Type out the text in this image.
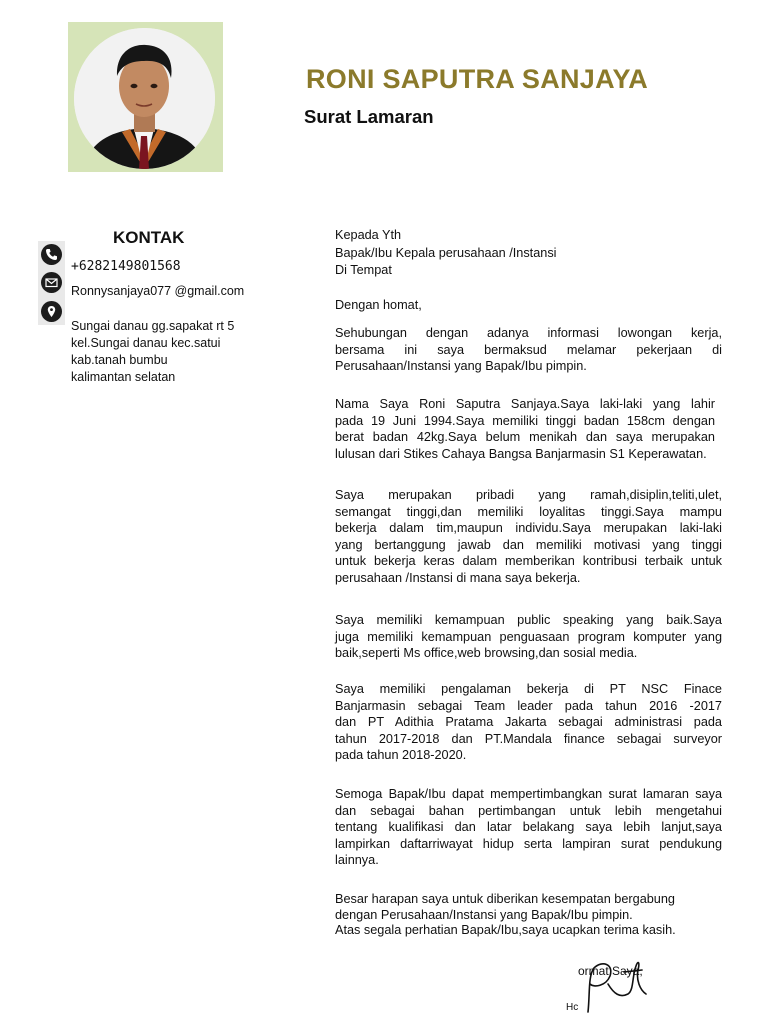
RONI SAPUTRA SANJAYA
Surat Lamaran
KONTAK
+6282149801568
Ronnysanjaya077 @gmail.com
Sungai danau gg.sapakat rt 5
kel.Sungai danau kec.satui
kab.tanah bumbu
kalimantan selatan
Kepada Yth
Bapak/Ibu Kepala perusahaan /Instansi
Di Tempat
Dengan homat,
Sehubungan dengan adanya informasi lowongan kerja,
bersama ini saya bermaksud melamar pekerjaan di
Perusahaan/Instansi yang Bapak/Ibu pimpin.
Nama Saya Roni Saputra Sanjaya.Saya laki-laki yang lahir
pada 19 Juni 1994.Saya memiliki tinggi badan 158cm dengan
berat badan 42kg.Saya belum menikah dan saya merupakan
lulusan dari Stikes Cahaya Bangsa Banjarmasin S1 Keperawatan.
Saya merupakan pribadi yang ramah,disiplin,teliti,ulet,
semangat tinggi,dan memiliki loyalitas tinggi.Saya mampu
bekerja dalam tim,maupun individu.Saya merupakan laki-laki
yang bertanggung jawab dan memiliki motivasi yang tinggi
untuk bekerja keras dalam memberikan kontribusi terbaik untuk
perusahaan /Instansi di mana saya bekerja.
Saya memiliki kemampuan public speaking yang baik.Saya
juga memiliki kemampuan penguasaan program komputer yang
baik,seperti Ms office,web browsing,dan sosial media.
Saya memiliki pengalaman bekerja di PT NSC Finace
Banjarmasin sebagai Team leader pada tahun 2016 -2017
dan PT Adithia Pratama Jakarta sebagai administrasi pada
tahun 2017-2018 dan PT.Mandala finance sebagai surveyor
pada tahun 2018-2020.
Semoga Bapak/Ibu dapat mempertimbangkan surat lamaran saya
dan sebagai bahan pertimbangan untuk lebih mengetahui
tentang kualifikasi dan latar belakang saya lebih lanjut,saya
lampirkan daftarriwayat hidup serta lampiran surat pendukung
lainnya.
Besar harapan saya untuk diberikan kesempatan bergabung
dengan Perusahaan/Instansi yang Bapak/Ibu pimpin.
Atas segala perhatian Bapak/Ibu,saya ucapkan terima kasih.
ormat Saya,
Hc
